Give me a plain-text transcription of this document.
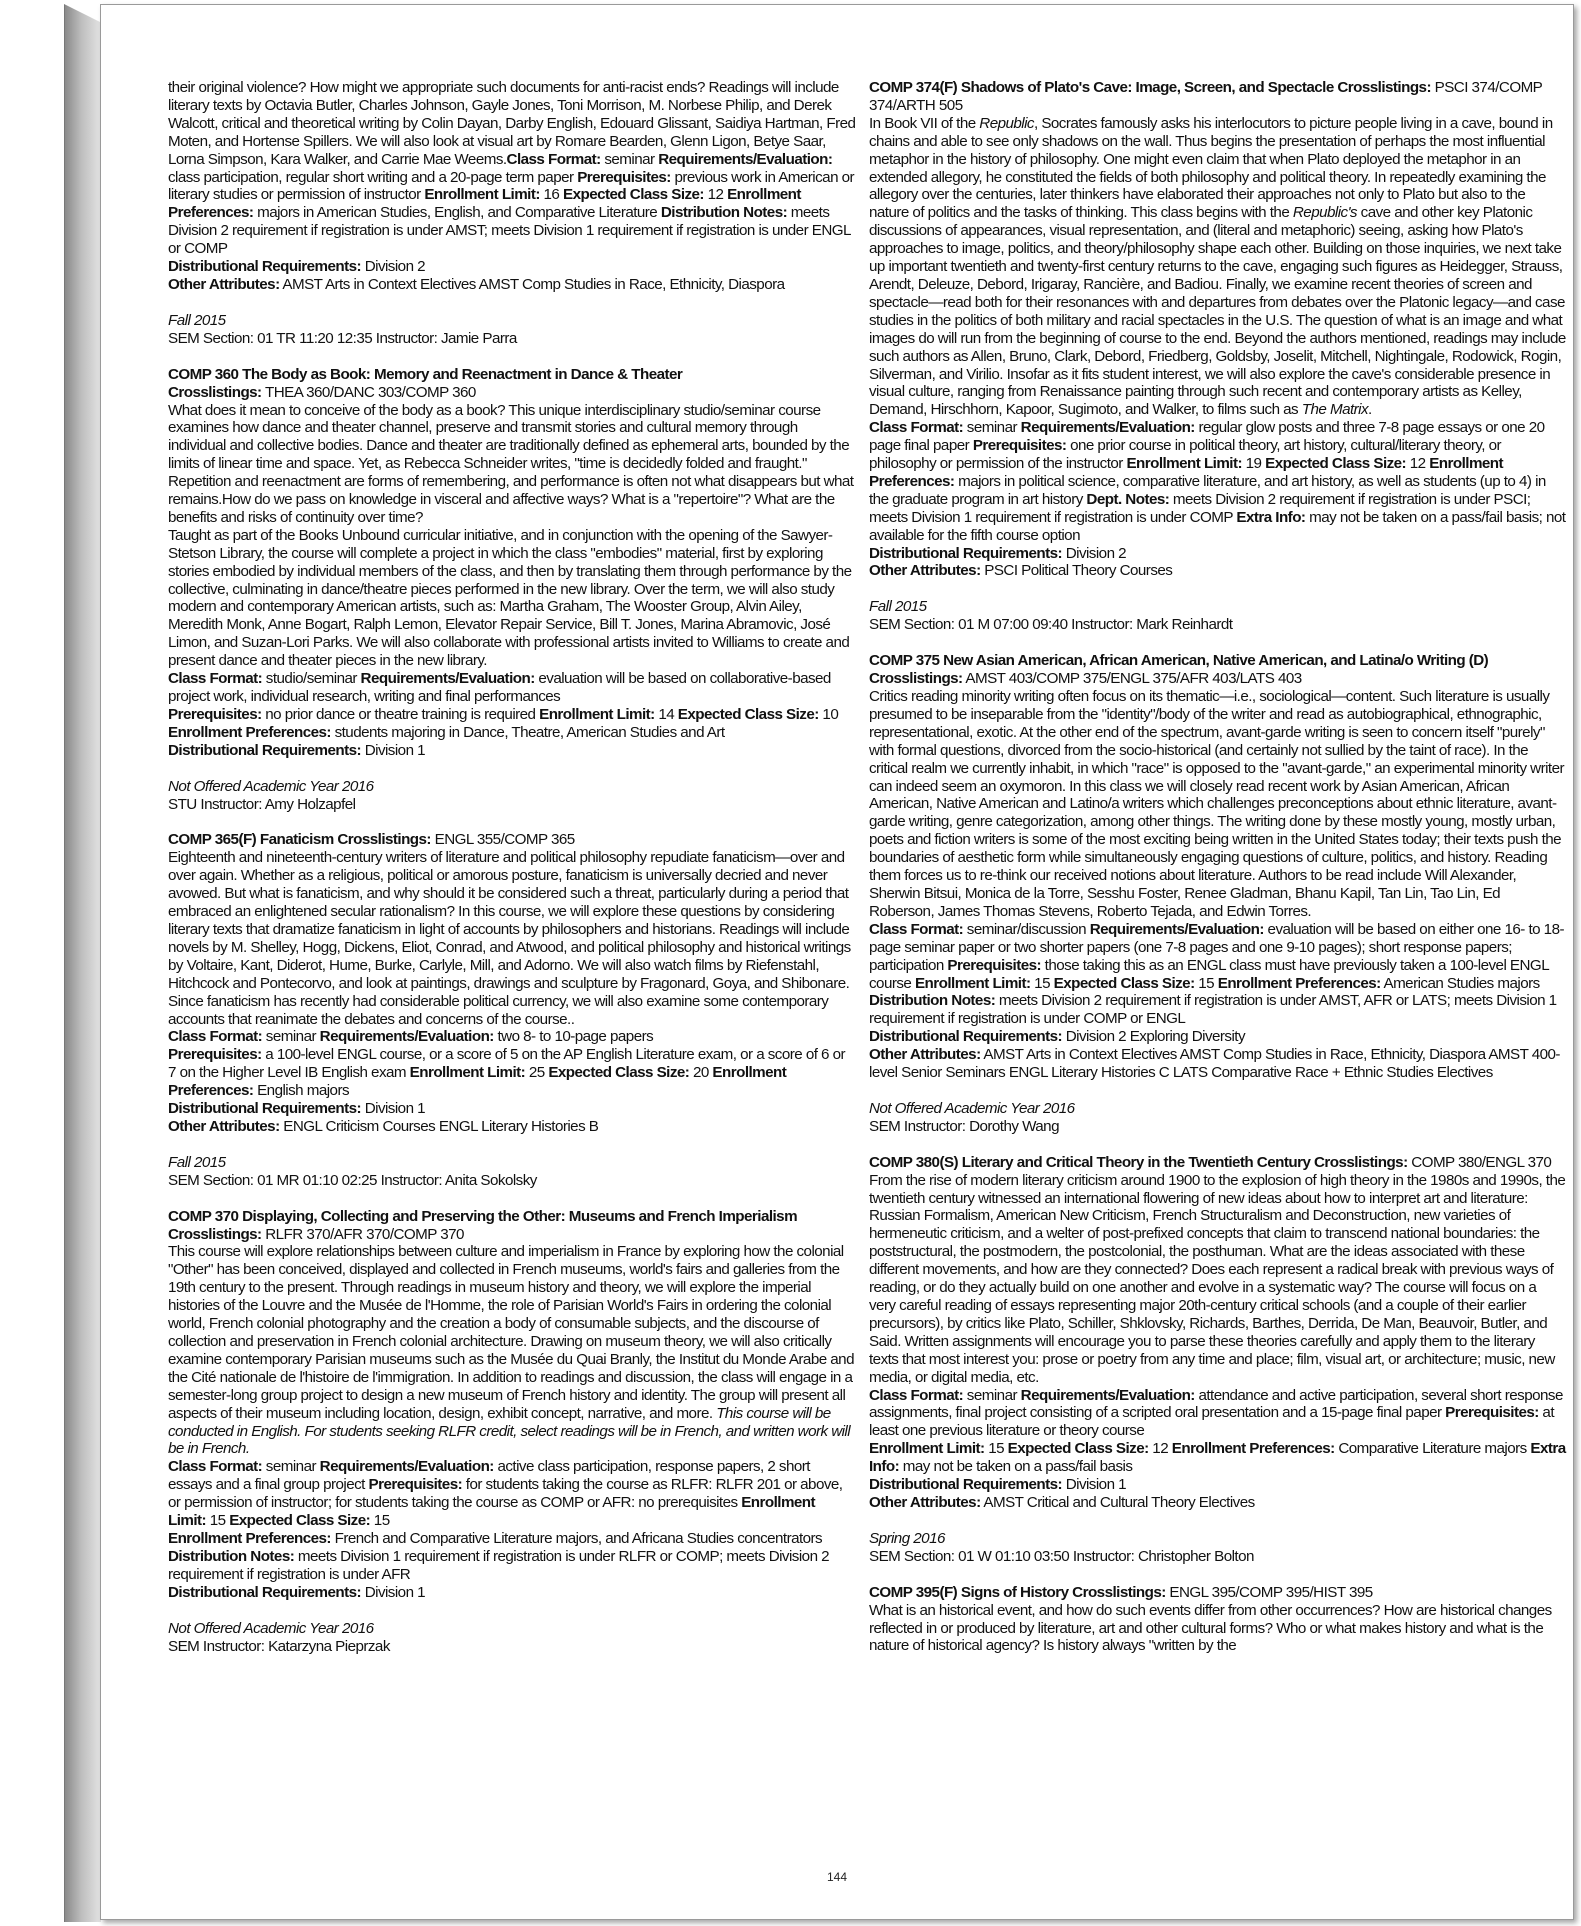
their original violence? How might we appropriate such documents for anti-racist ends? Readings will include literary texts by Octavia Butler, Charles Johnson, Gayle Jones, Toni Morrison, M. Norbese Philip, and Derek Walcott, critical and theoretical writing by Colin Dayan, Darby English, Edouard Glissant, Saidiya Hartman, Fred Moten, and Hortense Spillers. We will also look at visual art by Romare Bearden, Glenn Ligon, Betye Saar, Lorna Simpson, Kara Walker, and Carrie Mae Weems.Class Format: seminar Requirements/Evaluation: class participation, regular short writing and a 20-page term paper Prerequisites: previous work in American or literary studies or permission of instructor Enrollment Limit: 16 Expected Class Size: 12 Enrollment Preferences: majors in American Studies, English, and Comparative Literature Distribution Notes: meets Division 2 requirement if registration is under AMST; meets Division 1 requirement if registration is under ENGL or COMP

Distributional Requirements: Division 2

Other Attributes: AMST Arts in Context Electives AMST Comp Studies in Race, Ethnicity, Diaspora

Fall 2015

SEM Section: 01 TR 11:20 12:35 Instructor: Jamie Parra

COMP 360 The Body as Book: Memory and Reenactment in Dance & Theater

Crosslistings: THEA 360/DANC 303/COMP 360

What does it mean to conceive of the body as a book? This unique interdisciplinary studio/seminar course examines how dance and theater channel, preserve and transmit stories and cultural memory through individual and collective bodies. Dance and theater are traditionally defined as ephemeral arts, bounded by the limits of linear time and space. Yet, as Rebecca Schneider writes, "time is decidedly folded and fraught." Repetition and reenactment are forms of remembering, and performance is often not what disappears but what remains.How do we pass on knowledge in visceral and affective ways? What is a "repertoire"? What are the benefits and risks of continuity over time?

Taught as part of the Books Unbound curricular initiative, and in conjunction with the opening of the Sawyer-Stetson Library, the course will complete a project in which the class "embodies" material, first by exploring stories embodied by individual members of the class, and then by translating them through performance by the collective, culminating in dance/theatre pieces performed in the new library. Over the term, we will also study modern and contemporary American artists, such as: Martha Graham, The Wooster Group, Alvin Ailey, Meredith Monk, Anne Bogart, Ralph Lemon, Elevator Repair Service, Bill T. Jones, Marina Abramovic, José Limon, and Suzan-Lori Parks. We will also collaborate with professional artists invited to Williams to create and present dance and theater pieces in the new library.

Class Format: studio/seminar Requirements/Evaluation: evaluation will be based on collaborative-based project work, individual research, writing and final performances

Prerequisites: no prior dance or theatre training is required Enrollment Limit: 14 Expected Class Size: 10 Enrollment Preferences: students majoring in Dance, Theatre, American Studies and Art

Distributional Requirements: Division 1

Not Offered Academic Year 2016

STU Instructor: Amy Holzapfel

COMP 365(F) Fanaticism Crosslistings: ENGL 355/COMP 365

Eighteenth and nineteenth-century writers of literature and political philosophy repudiate fanaticism—over and over again. Whether as a religious, political or amorous posture, fanaticism is universally decried and never avowed. But what is fanaticism, and why should it be considered such a threat, particularly during a period that embraced an enlightened secular rationalism? In this course, we will explore these questions by considering literary texts that dramatize fanaticism in light of accounts by philosophers and historians. Readings will include novels by M. Shelley, Hogg, Dickens, Eliot, Conrad, and Atwood, and political philosophy and historical writings by Voltaire, Kant, Diderot, Hume, Burke, Carlyle, Mill, and Adorno. We will also watch films by Riefenstahl, Hitchcock and Pontecorvo, and look at paintings, drawings and sculpture by Fragonard, Goya, and Shibonare. Since fanaticism has recently had considerable political currency, we will also examine some contemporary accounts that reanimate the debates and concerns of the course..

Class Format: seminar Requirements/Evaluation: two 8- to 10-page papers

Prerequisites: a 100-level ENGL course, or a score of 5 on the AP English Literature exam, or a score of 6 or 7 on the Higher Level IB English exam Enrollment Limit: 25 Expected Class Size: 20 Enrollment Preferences: English majors

Distributional Requirements: Division 1

Other Attributes: ENGL Criticism Courses ENGL Literary Histories B

Fall 2015

SEM Section: 01 MR 01:10 02:25 Instructor: Anita Sokolsky

COMP 370 Displaying, Collecting and Preserving the Other: Museums and French Imperialism Crosslistings: RLFR 370/AFR 370/COMP 370

This course will explore relationships between culture and imperialism in France by exploring how the colonial "Other" has been conceived, displayed and collected in French museums, world's fairs and galleries from the 19th century to the present. Through readings in museum history and theory, we will explore the imperial histories of the Louvre and the Musée de l'Homme, the role of Parisian World's Fairs in ordering the colonial world, French colonial photography and the creation a body of consumable subjects, and the discourse of collection and preservation in French colonial architecture. Drawing on museum theory, we will also critically examine contemporary Parisian museums such as the Musée du Quai Branly, the Institut du Monde Arabe and the Cité nationale de l'histoire de l'immigration. In addition to readings and discussion, the class will engage in a semester-long group project to design a new museum of French history and identity. The group will present all aspects of their museum including location, design, exhibit concept, narrative, and more. This course will be conducted in English. For students seeking RLFR credit, select readings will be in French, and written work will be in French.

Class Format: seminar Requirements/Evaluation: active class participation, response papers, 2 short essays and a final group project Prerequisites: for students taking the course as RLFR: RLFR 201 or above, or permission of instructor; for students taking the course as COMP or AFR: no prerequisites Enrollment Limit: 15 Expected Class Size: 15

Enrollment Preferences: French and Comparative Literature majors, and Africana Studies concentrators Distribution Notes: meets Division 1 requirement if registration is under RLFR or COMP; meets Division 2 requirement if registration is under AFR

Distributional Requirements: Division 1

Not Offered Academic Year 2016

SEM Instructor: Katarzyna Pieprzak

COMP 374(F) Shadows of Plato's Cave: Image, Screen, and Spectacle Crosslistings: PSCI 374/COMP 374/ARTH 505

In Book VII of the Republic, Socrates famously asks his interlocutors to picture people living in a cave, bound in chains and able to see only shadows on the wall. Thus begins the presentation of perhaps the most influential metaphor in the history of philosophy. One might even claim that when Plato deployed the metaphor in an extended allegory, he constituted the fields of both philosophy and political theory. In repeatedly examining the allegory over the centuries, later thinkers have elaborated their approaches not only to Plato but also to the nature of politics and the tasks of thinking. This class begins with the Republic's cave and other key Platonic discussions of appearances, visual representation, and (literal and metaphoric) seeing, asking how Plato's approaches to image, politics, and theory/philosophy shape each other. Building on those inquiries, we next take up important twentieth and twenty-first century returns to the cave, engaging such figures as Heidegger, Strauss, Arendt, Deleuze, Debord, Irigaray, Rancière, and Badiou. Finally, we examine recent theories of screen and spectacle—read both for their resonances with and departures from debates over the Platonic legacy—and case studies in the politics of both military and racial spectacles in the U.S. The question of what is an image and what images do will run from the beginning of course to the end. Beyond the authors mentioned, readings may include such authors as Allen, Bruno, Clark, Debord, Friedberg, Goldsby, Joselit, Mitchell, Nightingale, Rodowick, Rogin, Silverman, and Virilio. Insofar as it fits student interest, we will also explore the cave's considerable presence in visual culture, ranging from Renaissance painting through such recent and contemporary artists as Kelley, Demand, Hirschhorn, Kapoor, Sugimoto, and Walker, to films such as The Matrix.

Class Format: seminar Requirements/Evaluation: regular glow posts and three 7-8 page essays or one 20 page final paper Prerequisites: one prior course in political theory, art history, cultural/literary theory, or philosophy or permission of the instructor Enrollment Limit: 19 Expected Class Size: 12 Enrollment Preferences: majors in political science, comparative literature, and art history, as well as students (up to 4) in the graduate program in art history Dept. Notes: meets Division 2 requirement if registration is under PSCI; meets Division 1 requirement if registration is under COMP Extra Info: may not be taken on a pass/fail basis; not available for the fifth course option

Distributional Requirements: Division 2

Other Attributes: PSCI Political Theory Courses

Fall 2015

SEM Section: 01 M 07:00 09:40 Instructor: Mark Reinhardt

COMP 375 New Asian American, African American, Native American, and Latina/o Writing (D) Crosslistings: AMST 403/COMP 375/ENGL 375/AFR 403/LATS 403

Critics reading minority writing often focus on its thematic—i.e., sociological—content. Such literature is usually presumed to be inseparable from the "identity"/body of the writer and read as autobiographical, ethnographic, representational, exotic. At the other end of the spectrum, avant-garde writing is seen to concern itself "purely" with formal questions, divorced from the socio-historical (and certainly not sullied by the taint of race). In the critical realm we currently inhabit, in which "race" is opposed to the "avant-garde," an experimental minority writer can indeed seem an oxymoron. In this class we will closely read recent work by Asian American, African American, Native American and Latino/a writers which challenges preconceptions about ethnic literature, avant-garde writing, genre categorization, among other things. The writing done by these mostly young, mostly urban, poets and fiction writers is some of the most exciting being written in the United States today; their texts push the boundaries of aesthetic form while simultaneously engaging questions of culture, politics, and history. Reading them forces us to re-think our received notions about literature. Authors to be read include Will Alexander, Sherwin Bitsui, Monica de la Torre, Sesshu Foster, Renee Gladman, Bhanu Kapil, Tan Lin, Tao Lin, Ed Roberson, James Thomas Stevens, Roberto Tejada, and Edwin Torres.

Class Format: seminar/discussion Requirements/Evaluation: evaluation will be based on either one 16- to 18-page seminar paper or two shorter papers (one 7-8 pages and one 9-10 pages); short response papers; participation Prerequisites: those taking this as an ENGL class must have previously taken a 100-level ENGL course Enrollment Limit: 15 Expected Class Size: 15 Enrollment Preferences: American Studies majors Distribution Notes: meets Division 2 requirement if registration is under AMST, AFR or LATS; meets Division 1 requirement if registration is under COMP or ENGL

Distributional Requirements: Division 2 Exploring Diversity

Other Attributes: AMST Arts in Context Electives AMST Comp Studies in Race, Ethnicity, Diaspora AMST 400-level Senior Seminars ENGL Literary Histories C LATS Comparative Race + Ethnic Studies Electives

Not Offered Academic Year 2016

SEM Instructor: Dorothy Wang

COMP 380(S) Literary and Critical Theory in the Twentieth Century Crosslistings: COMP 380/ENGL 370

From the rise of modern literary criticism around 1900 to the explosion of high theory in the 1980s and 1990s, the twentieth century witnessed an international flowering of new ideas about how to interpret art and literature: Russian Formalism, American New Criticism, French Structuralism and Deconstruction, new varieties of hermeneutic criticism, and a welter of post-prefixed concepts that claim to transcend national boundaries: the poststructural, the postmodern, the postcolonial, the posthuman. What are the ideas associated with these different movements, and how are they connected? Does each represent a radical break with previous ways of reading, or do they actually build on one another and evolve in a systematic way? The course will focus on a very careful reading of essays representing major 20th-century critical schools (and a couple of their earlier precursors), by critics like Plato, Schiller, Shklovsky, Richards, Barthes, Derrida, De Man, Beauvoir, Butler, and Said. Written assignments will encourage you to parse these theories carefully and apply them to the literary texts that most interest you: prose or poetry from any time and place; film, visual art, or architecture; music, new media, or digital media, etc.

Class Format: seminar Requirements/Evaluation: attendance and active participation, several short response assignments, final project consisting of a scripted oral presentation and a 15-page final paper Prerequisites: at least one previous literature or theory course

Enrollment Limit: 15 Expected Class Size: 12 Enrollment Preferences: Comparative Literature majors Extra Info: may not be taken on a pass/fail basis

Distributional Requirements: Division 1

Other Attributes: AMST Critical and Cultural Theory Electives

Spring 2016

SEM Section: 01 W 01:10 03:50 Instructor: Christopher Bolton

COMP 395(F) Signs of History Crosslistings: ENGL 395/COMP 395/HIST 395

What is an historical event, and how do such events differ from other occurrences? How are historical changes reflected in or produced by literature, art and other cultural forms? Who or what makes history and what is the nature of historical agency? Is history always "written by the

144
